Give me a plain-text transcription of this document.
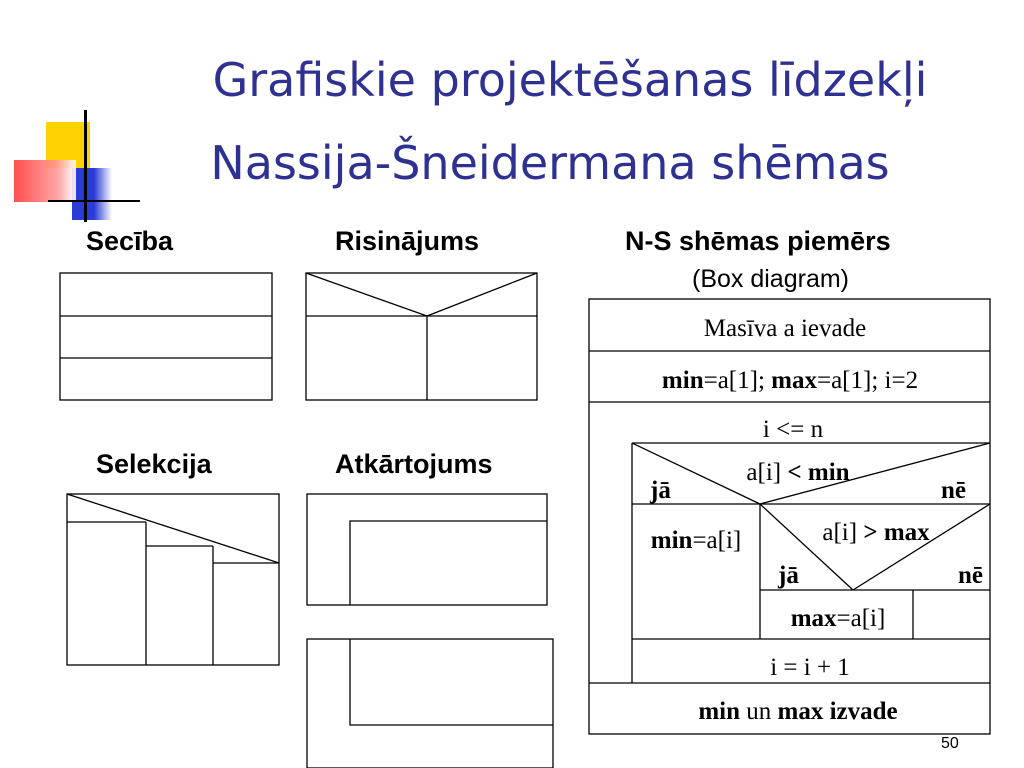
Grafiskie projektēšanas līdzekļi
Nassija-Šneidermana shēmas
Secība	Risinājums
Selekcija	Atkārtojums
N-S shēmas piemērs
(Box diagram)
Masīva a ievade
min=a[1]; max=a[1]; i=2
i <= n
a[i] < min
jā	nē
min=a[i]	a[i] > max
jā	nē
max=a[i]
i = i + 1
min un max izvade
50
